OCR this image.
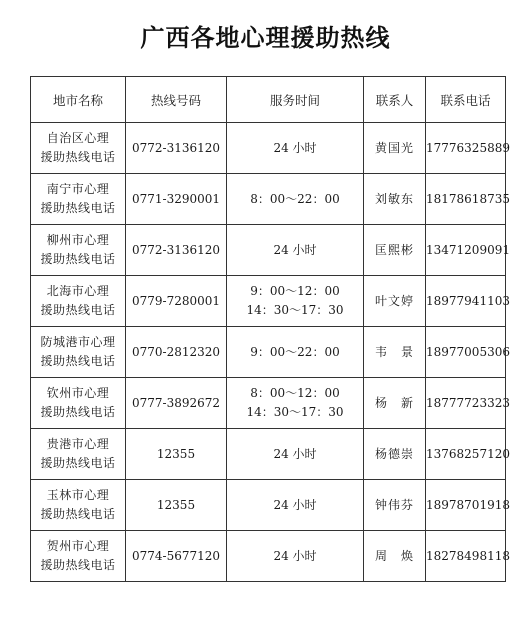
广西各地心理援助热线
地市名称	热线号码	服务时间	联系人	联系电话

自治区心理
援助热线电话	0772-3136120	24 小时	黄国光	17776325889

南宁市心理
援助热线电话	0771-3290001	8：00～22：00	刘敏东	18178618735

柳州市心理
援助热线电话	0772-3136120	24 小时	匡熙彬	13471209091

北海市心理
援助热线电话	0779-7280001	9：00～12：00
14：30～17：30	叶文婷	18977941103

防城港市心理
援助热线电话	0770-2812320	9：00～22：00	韦　景	18977005306

钦州市心理
援助热线电话	0777-3892672	8：00～12：00
14：30～17：30	杨　新	18777723323

贵港市心理
援助热线电话	12355	24 小时	杨德崇	13768257120

玉林市心理
援助热线电话	12355	24 小时	钟伟芬	18978701918

贺州市心理
援助热线电话	0774-5677120	24 小时	周　焕	18278498118
